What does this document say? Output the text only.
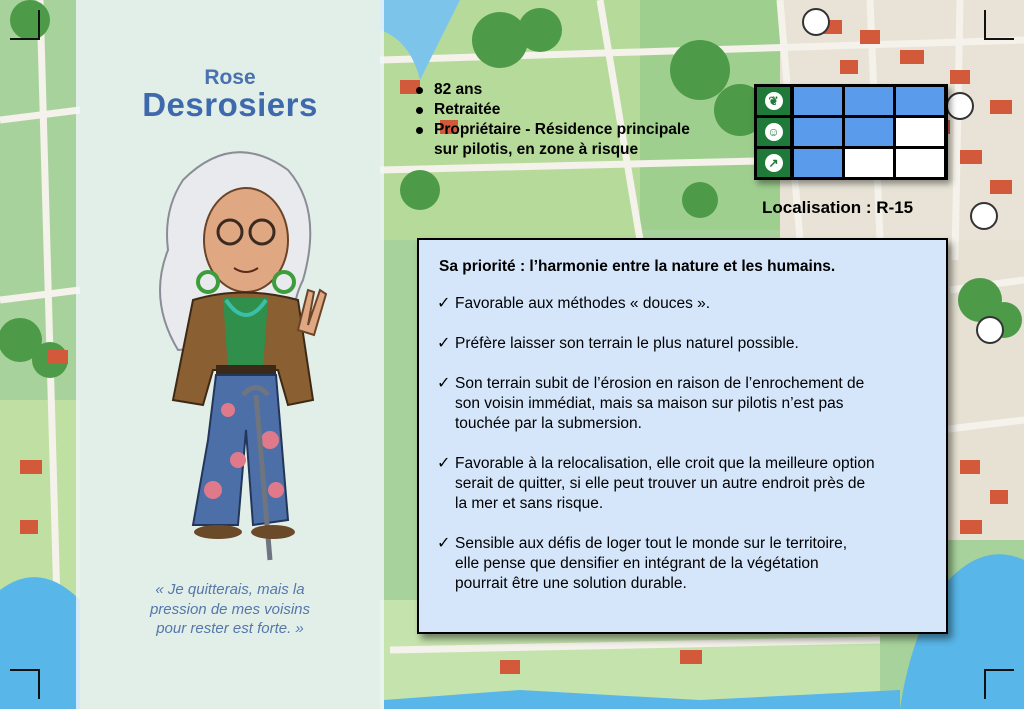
Rose
Desrosiers
« Je quitterais, mais la
pression de mes voisins
pour rester est forte. »
82 ans
Retraitée
Propriétaire - Résidence principale
sur pilotis, en zone à risque
❦
☺
↗
Localisation : R-15
Sa priorité : l’harmonie entre la nature et les humains.
✓ Favorable aux méthodes « douces ».
✓ Préfère laisser son terrain le plus naturel possible.
✓ Son terrain subit de l’érosion en raison de l’enrochement de
son voisin immédiat, mais sa maison sur pilotis n’est pas
touchée par la submersion.
✓ Favorable à la relocalisation, elle croit que la meilleure option
serait de quitter, si elle peut trouver un autre endroit près de
la mer et sans risque.
✓ Sensible aux défis de loger tout le monde sur le territoire,
elle pense que densifier en intégrant de la végétation
pourrait être une solution durable.
